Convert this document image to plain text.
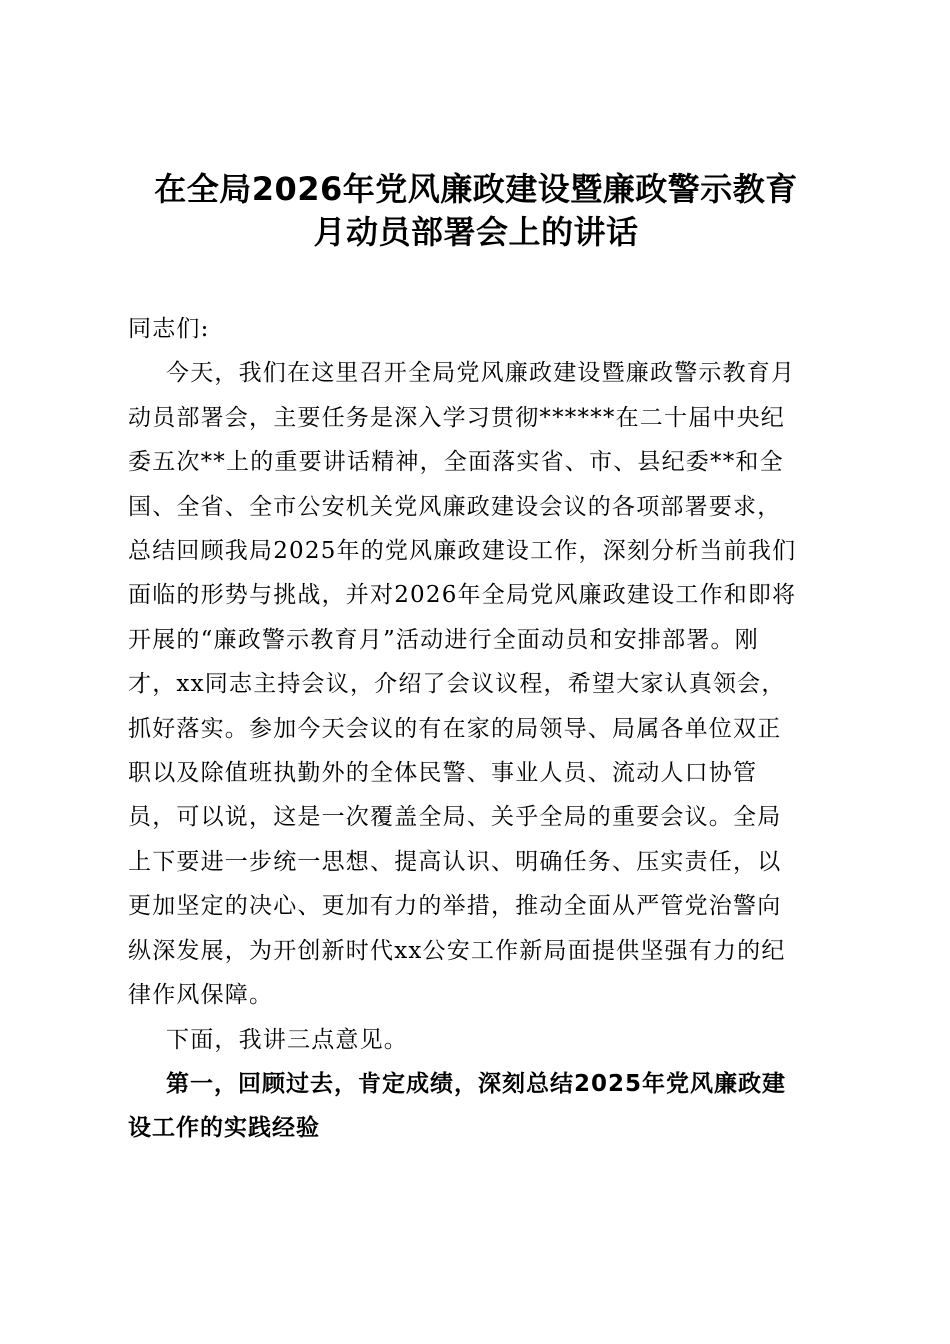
在全局2026年党风廉政建设暨廉政警示教育
月动员部署会上的讲话

同志们:

今天，我们在这里召开全局党风廉政建设暨廉政警示教育月
动员部署会，主要任务是深入学习贯彻******在二十届中央纪
委五次**上的重要讲话精神，全面落实省、市、县纪委**和全
国、全省、全市公安机关党风廉政建设会议的各项部署要求，
总结回顾我局2025年的党风廉政建设工作，深刻分析当前我们
面临的形势与挑战，并对2026年全局党风廉政建设工作和即将
开展的“廉政警示教育月”活动进行全面动员和安排部署。刚
才，xx同志主持会议，介绍了会议议程，希望大家认真领会，
抓好落实。参加今天会议的有在家的局领导、局属各单位双正
职以及除值班执勤外的全体民警、事业人员、流动人口协管
员，可以说，这是一次覆盖全局、关乎全局的重要会议。全局
上下要进一步统一思想、提高认识、明确任务、压实责任，以
更加坚定的决心、更加有力的举措，推动全面从严管党治警向
纵深发展，为开创新时代xx公安工作新局面提供坚强有力的纪
律作风保障。

下面，我讲三点意见。

第一，回顾过去，肯定成绩，深刻总结2025年党风廉政建
设工作的实践经验
